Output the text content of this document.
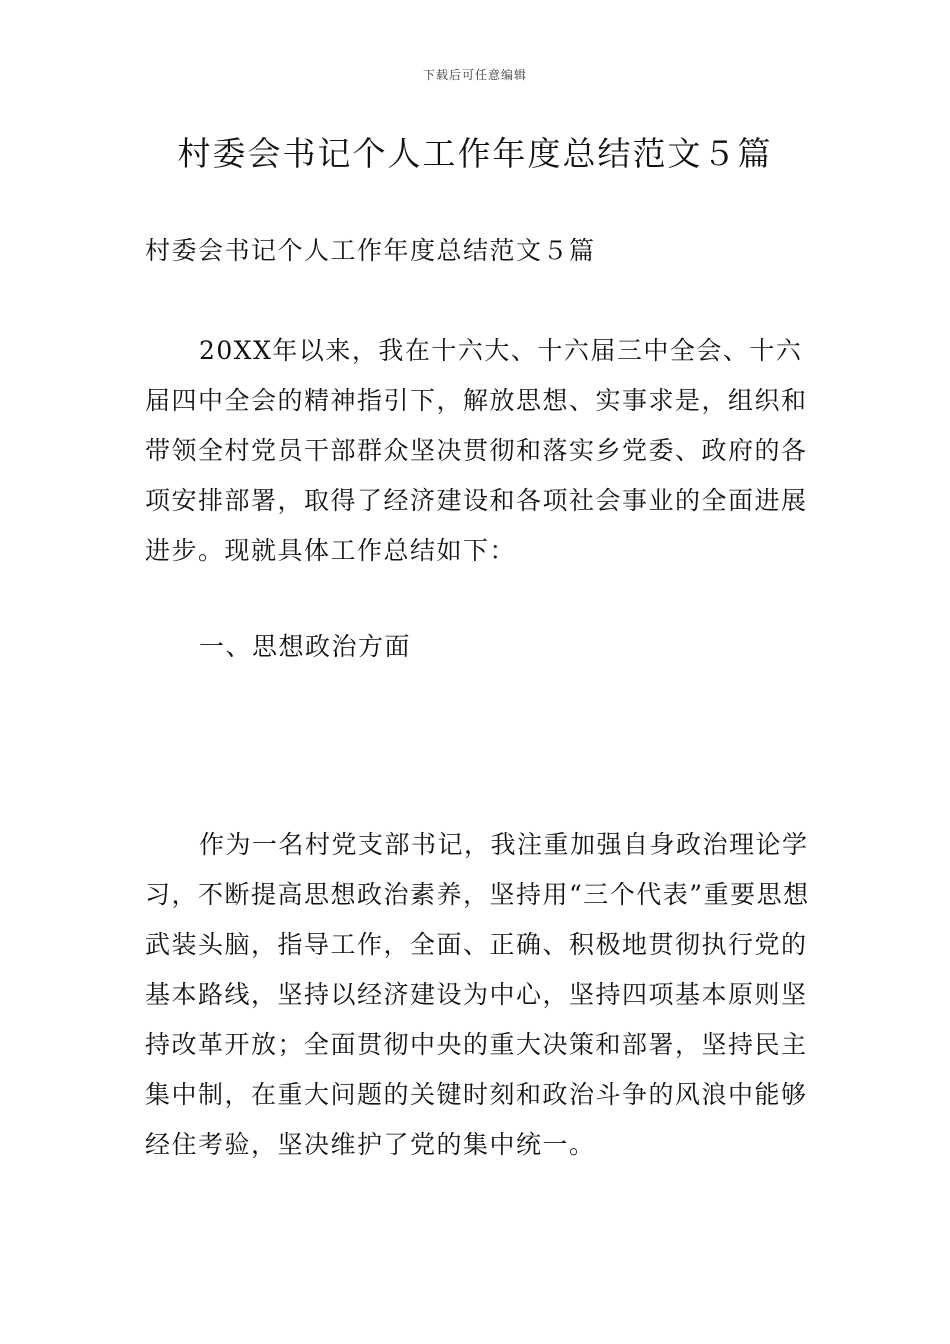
下载后可任意编辑
村委会书记个人工作年度总结范文５篇

村委会书记个人工作年度总结范文５篇

20XX年以来，我在十六大、十六届三中全会、十六届四中全会的精神指引下，解放思想、实事求是，组织和带领全村党员干部群众坚决贯彻和落实乡党委、政府的各项安排部署，取得了经济建设和各项社会事业的全面进展进步。现就具体工作总结如下：

一、思想政治方面

作为一名村党支部书记，我注重加强自身政治理论学习，不断提高思想政治素养，坚持用“三个代表”重要思想武装头脑，指导工作，全面、正确、积极地贯彻执行党的基本路线，坚持以经济建设为中心，坚持四项基本原则坚持改革开放；全面贯彻中央的重大决策和部署，坚持民主集中制，在重大问题的关键时刻和政治斗争的风浪中能够经住考验，坚决维护了党的集中统一。
